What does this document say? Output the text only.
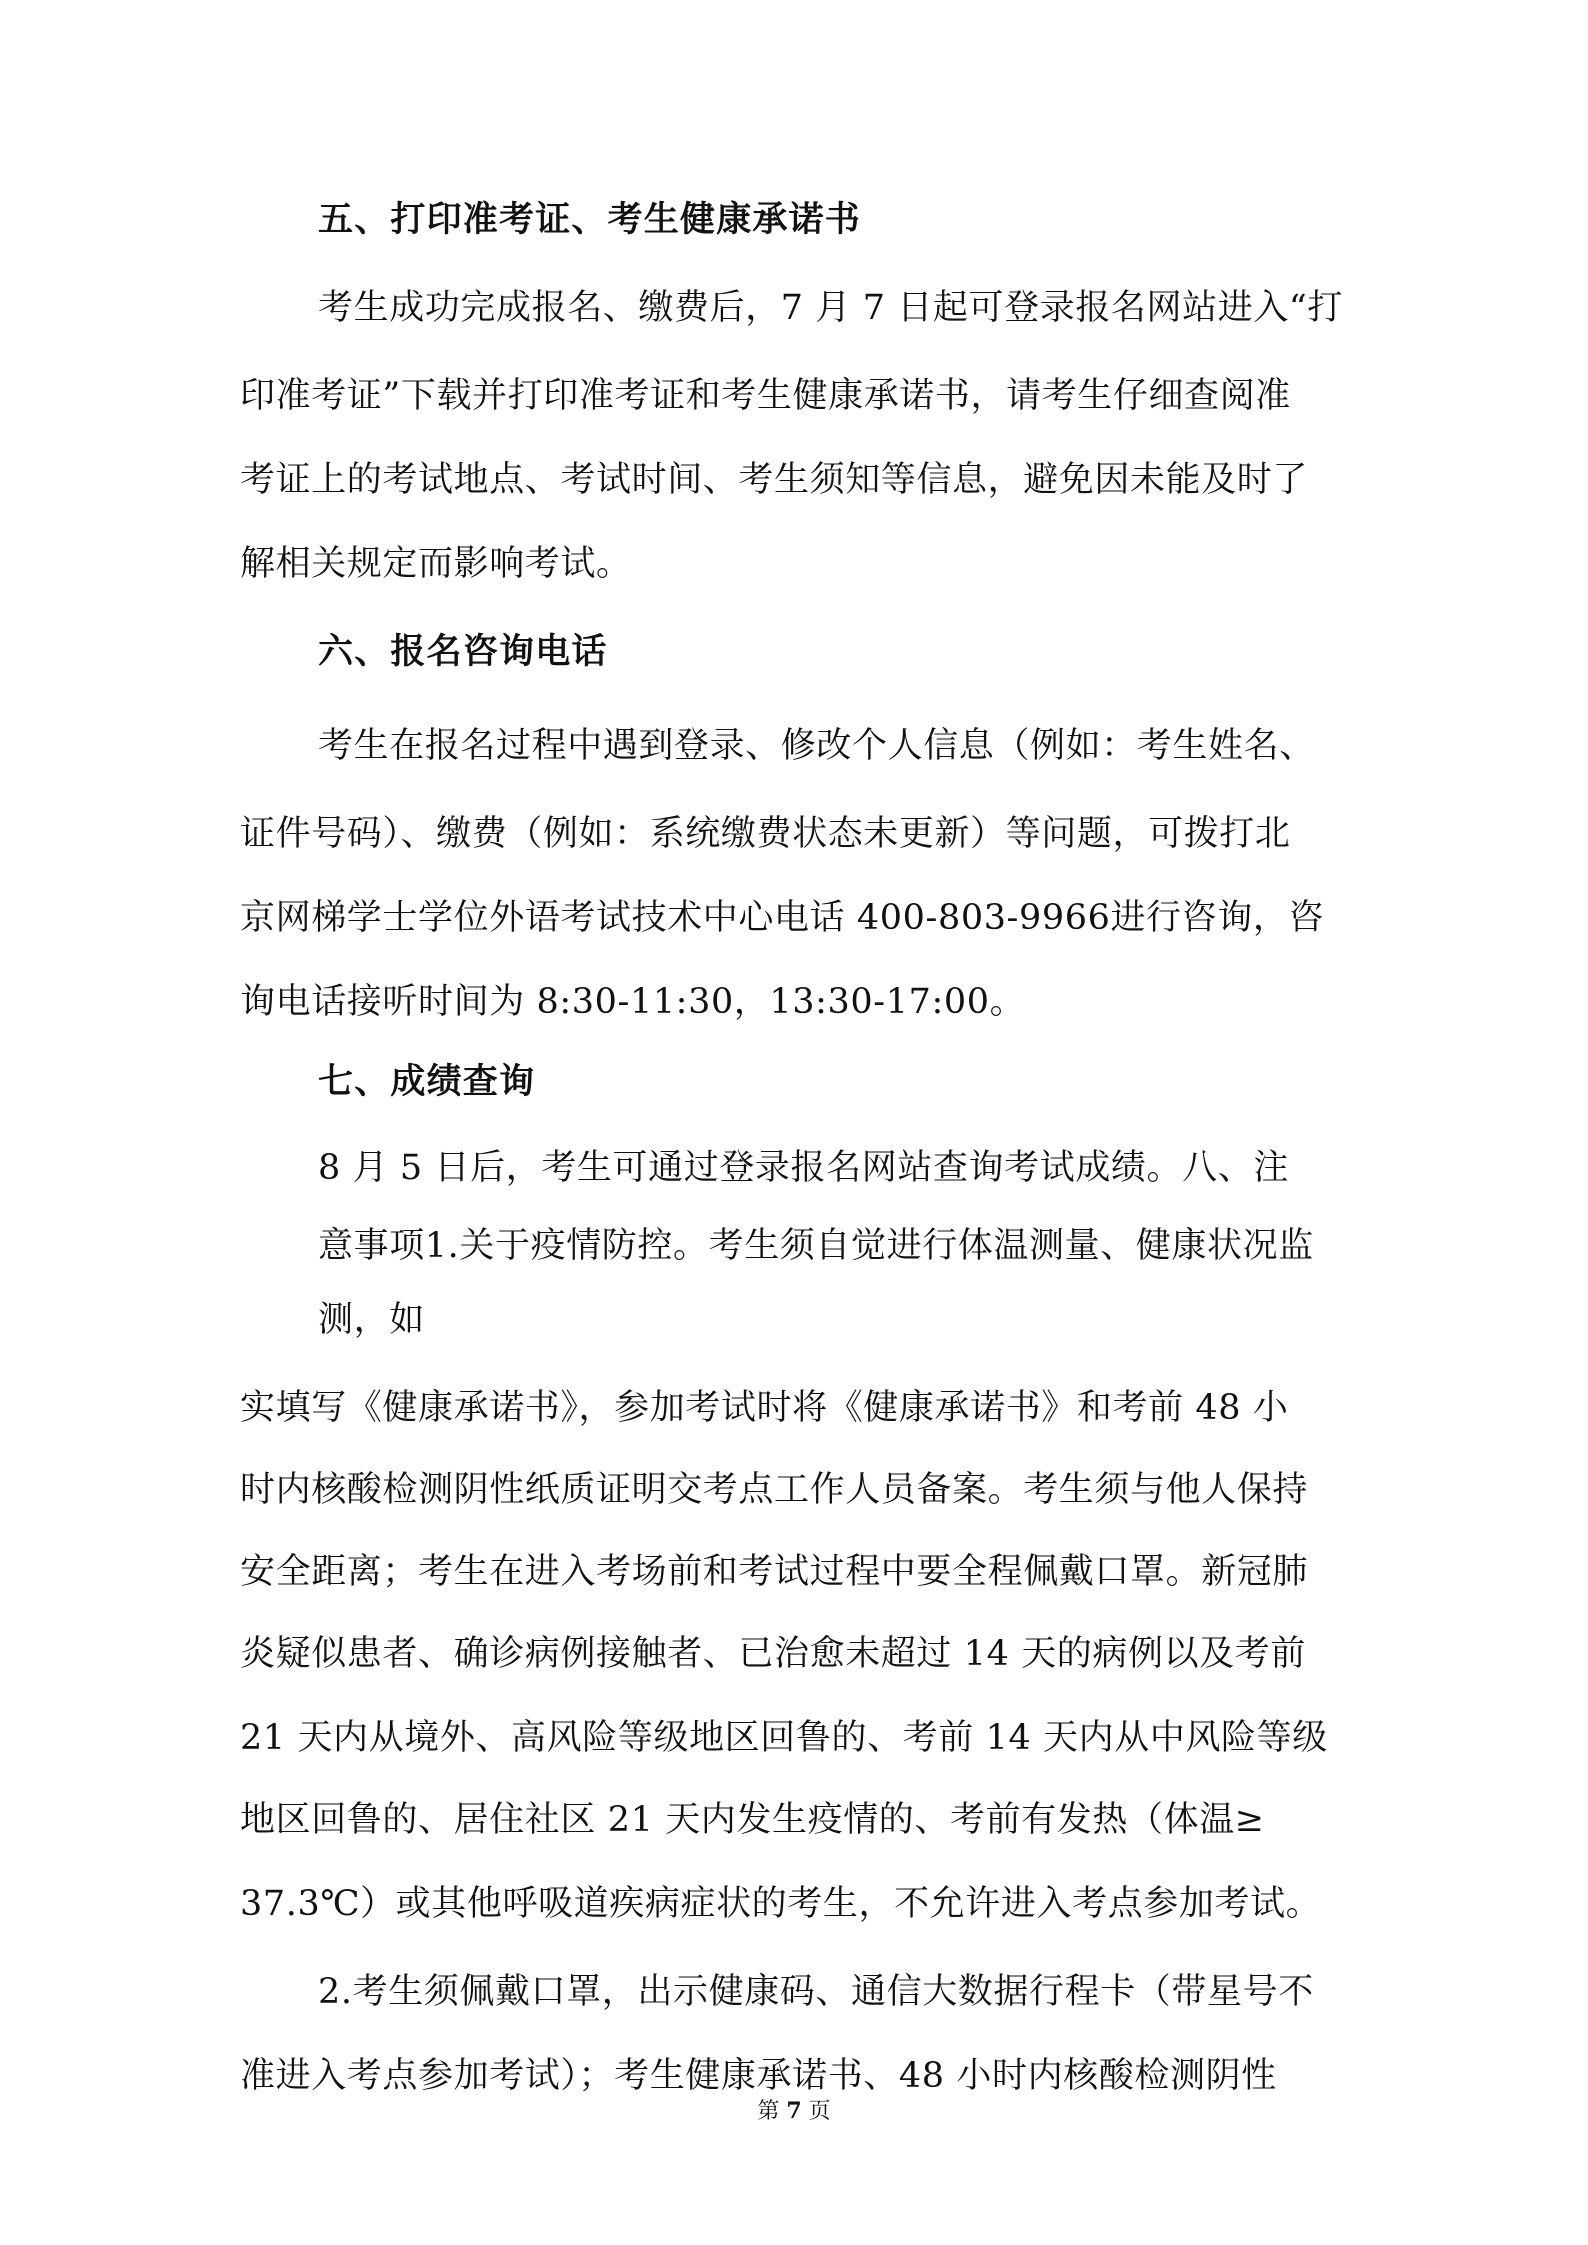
五、打印准考证、考生健康承诺书
考生成功完成报名、缴费后，7 月 7 日起可登录报名网站进入“打
印准考证”下载并打印准考证和考生健康承诺书，请考生仔细查阅准
考证上的考试地点、考试时间、考生须知等信息，避免因未能及时了
解相关规定而影响考试。
六、报名咨询电话
考生在报名过程中遇到登录、修改个人信息（例如：考生姓名、
证件号码）、缴费（例如：系统缴费状态未更新）等问题，可拨打北
京网梯学士学位外语考试技术中心电话 400-803-9966进行咨询，咨
询电话接听时间为 8:30-11:30，13:30-17:00。
七、成绩查询
8 月 5 日后，考生可通过登录报名网站查询考试成绩。八、注
意事项1.关于疫情防控。考生须自觉进行体温测量、健康状况监
测，如
实填写《健康承诺书》，参加考试时将《健康承诺书》和考前 48 小
时内核酸检测阴性纸质证明交考点工作人员备案。考生须与他人保持
安全距离；考生在进入考场前和考试过程中要全程佩戴口罩。新冠肺
炎疑似患者、确诊病例接触者、已治愈未超过 14 天的病例以及考前
21 天内从境外、高风险等级地区回鲁的、考前 14 天内从中风险等级
地区回鲁的、居住社区 21 天内发生疫情的、考前有发热（体温≥
37.3℃）或其他呼吸道疾病症状的考生，不允许进入考点参加考试。
2.考生须佩戴口罩，出示健康码、通信大数据行程卡（带星号不
准进入考点参加考试）；考生健康承诺书、48 小时内核酸检测阴性
第 7 页
